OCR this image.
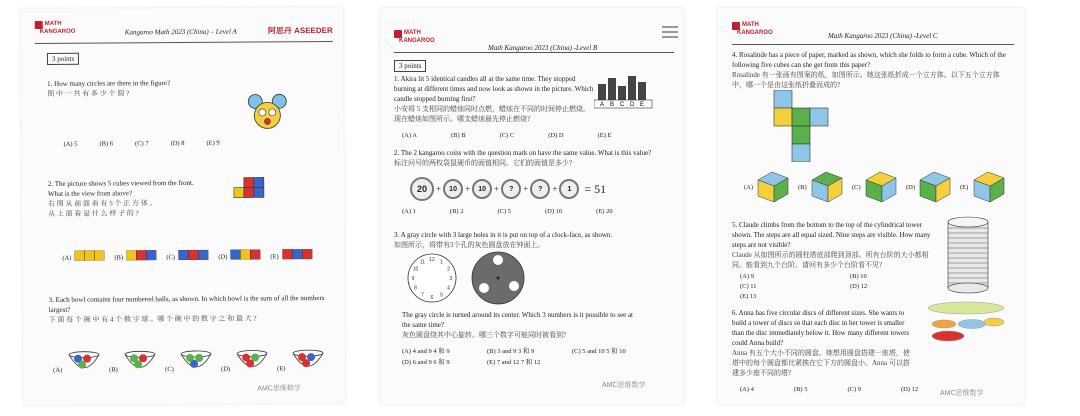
MATH
KANGAROO	Kangaroo Math 2023 (China) – Level A	阿思丹 ASEEDER
3 points
1. How many circles are there in the figure?
图 中 一 共 有 多 少 个 圆 ?
(A) 5	(B) 6	(C) 7	(D) 8	(E) 9
2. The picture shows 5 cubes viewed from the front.
What is the view from above?
右 图 从 前 面 看 有 5 个 正 方 体 。
从 上 面 看 是 什 么 样 子 的 ?
(A)	(B)	(C)	(D)	(E)
3. Each bowl contains four numbered balls, as shown. In which bowl is the sum of all the numbers largest?
下 面 每 个 碗 中 有 4 个 数 字 球 。哪 个 碗 中 的 数 字 之 和 最 大 ?
(A)	(B)	(C)	(D)	(E)
AMC思维数学
MATH
KANGAROO
Math Kangaroo 2023 (China) -Level B
3 points
1. Akira lit 5 identical candles all at the same time. They stopped burning at different times and now look as shown in the picture. Which candle stopped burning first?
小安将 5 支相同的蜡烛同时点燃，蜡烛在不同的时间停止燃烧。现在蜡烛如图所示。哪支蜡烛最先停止燃烧?
A B C D E
(A) A	(B) B	(C) C	(D) D	(E) E
2. The 2 kangaroo coins with the question mark on have the same value. What is this value?
标注问号的两枚袋鼠硬币的面值相同。它们的面值是多少?
20	+	10 +	10 +	?	+	?	+	1	= 51
(A) 1	(B) 2	(C) 5	(D) 10	(E) 20
3. A gray circle with 3 large holes in it is put on top of a clock-face, as shown.
如图所示，将带有3个孔的灰色圆盘放在钟面上。
1
2
3
4
5
6
7
8
9
10
11 12
The gray circle is turned around its center. Which 3 numbers is it possible to see at the same time?
灰色圆盘绕其中心旋转。哪三个数字可能同时被看到?
(A) 4 and 9 4 和 9	(B) 3 and 9 3 和 9	(C) 5 and 10 5 和 10
(D) 6 and 9 6 和 9	(E) 7 and 12 7 和 12
AMC思维数学
MATH
KANGAROO	Math Kangaroo 2023 (China) -Level C
4. Rosalinde has a piece of paper, marked as shown, which she folds to form a cube. Which of the following five cubes can she get from this paper?
Rosalinde 有一张画有图案的纸，如图所示。她这张纸折成一个立方体。以下五个立方体中，哪一个是由这张纸折叠而成的?
(A)	(B)	(C)	(D)	(E)
5. Claude climbs from the bottom to the top of the cylindrical tower shown. The steps are all equal sized. Nine steps are visible. How many steps are not visible?
Claude 从如图所示的圆柱塔底部爬到顶部。所有台阶的大小都相同。能看到九个台阶。请问有多少个台阶看不见?
(A) 9	(B) 10
(C) 11	(D) 12
(E) 13
6. Anna has five circular discs of different sizes. She wants to build a tower of discs so that each disc in her tower is smaller than the disc immediately below it. How many different towers could Anna build?
Anna 有五个大小不同的圆盘。她想用圆盘搭建一座塔，使塔中的每个圆盘都比紧挨在它下方的圆盘小。Anna 可以搭建多少座不同的塔?
(A) 4	(B) 5	(C) 9	(D) 12
AMC思维数学
